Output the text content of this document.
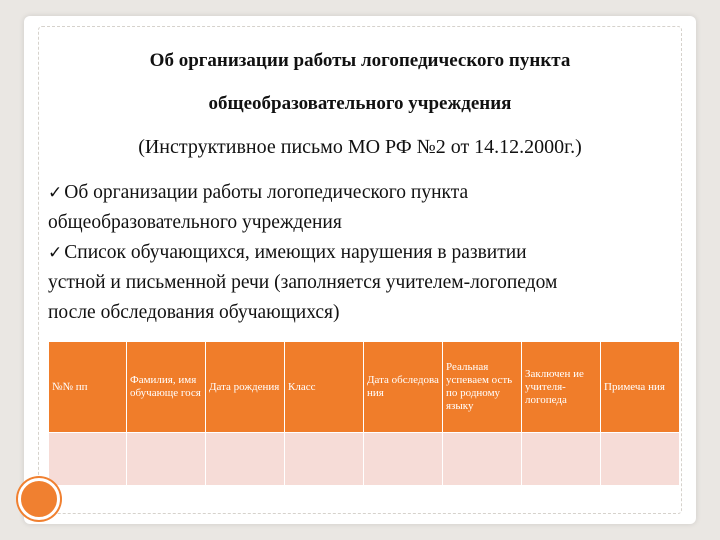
Об организации работы логопедического пункта
общеобразовательного учреждения
(Инструктивное письмо МО РФ №2 от 14.12.2000г.)
✓ Об организации работы логопедического пункта
общеобразовательного учреждения
✓ Список обучающихся, имеющих нарушения в развитии
устной и письменной речи (заполняется учителем-логопедом
после обследования обучающихся)
№№ пп	Фамилия, имя обучающе гося	Дата рождения	Класс	Дата обследова ния	Реальная успеваем ость по родному языку	Заключен ие учителя-логопеда	Примеча ния
